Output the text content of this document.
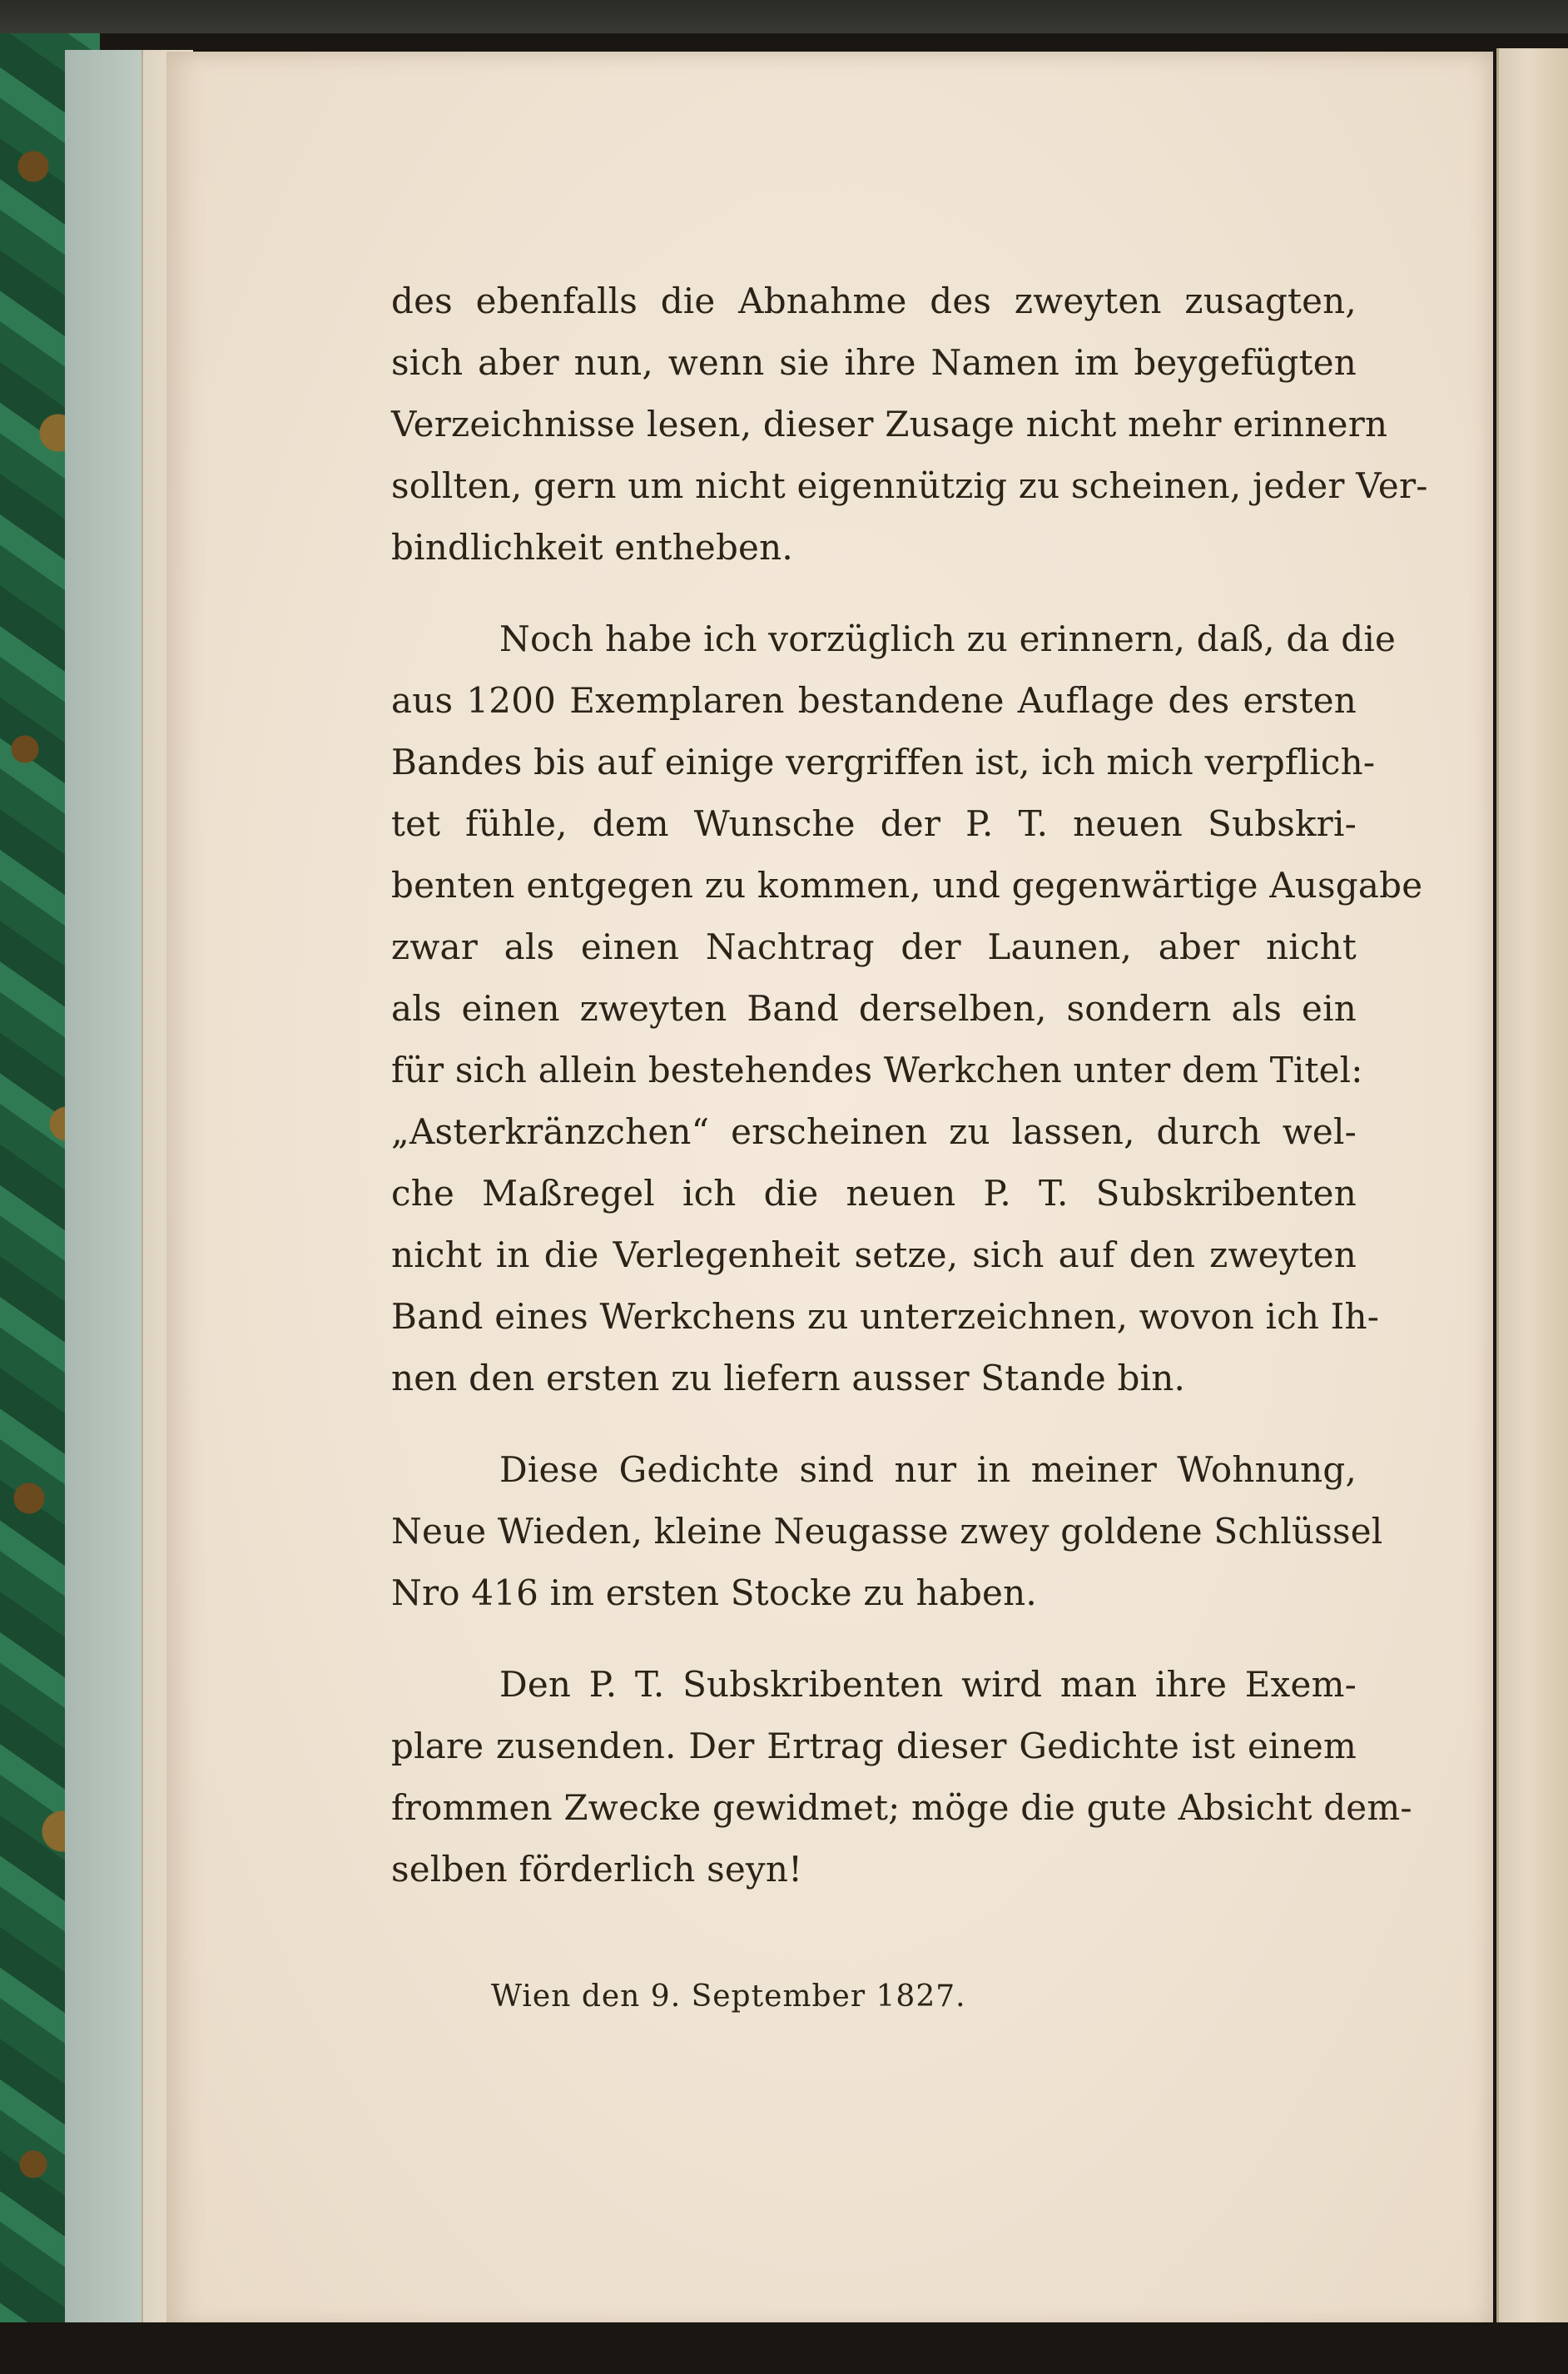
des ebenfalls die Abnahme des zweyten zusagten,
sich aber nun, wenn sie ihre Namen im beygefügten
Verzeichnisse lesen, dieser Zusage nicht mehr erinnern
sollten, gern um nicht eigennützig zu scheinen, jeder Ver-
bindlichkeit entheben.

Noch habe ich vorzüglich zu erinnern, daß, da die
aus 1200 Exemplaren bestandene Auflage des ersten
Bandes bis auf einige vergriffen ist, ich mich verpflich-
tet fühle, dem Wunsche der P. T. neuen Subskri-
benten entgegen zu kommen, und gegenwärtige Ausgabe
zwar als einen Nachtrag der Launen, aber nicht
als einen zweyten Band derselben, sondern als ein
für sich allein bestehendes Werkchen unter dem Titel:
„Asterkränzchen“ erscheinen zu lassen, durch wel-
che Maßregel ich die neuen P. T. Subskribenten
nicht in die Verlegenheit setze, sich auf den zweyten
Band eines Werkchens zu unterzeichnen, wovon ich Ih-
nen den ersten zu liefern ausser Stande bin.

Diese Gedichte sind nur in meiner Wohnung,
Neue Wieden, kleine Neugasse zwey goldene Schlüssel
Nro 416 im ersten Stocke zu haben.

Den P. T. Subskribenten wird man ihre Exem-
plare zusenden. Der Ertrag dieser Gedichte ist einem
frommen Zwecke gewidmet; möge die gute Absicht dem-
selben förderlich seyn!

Wien den 9. September 1827.
